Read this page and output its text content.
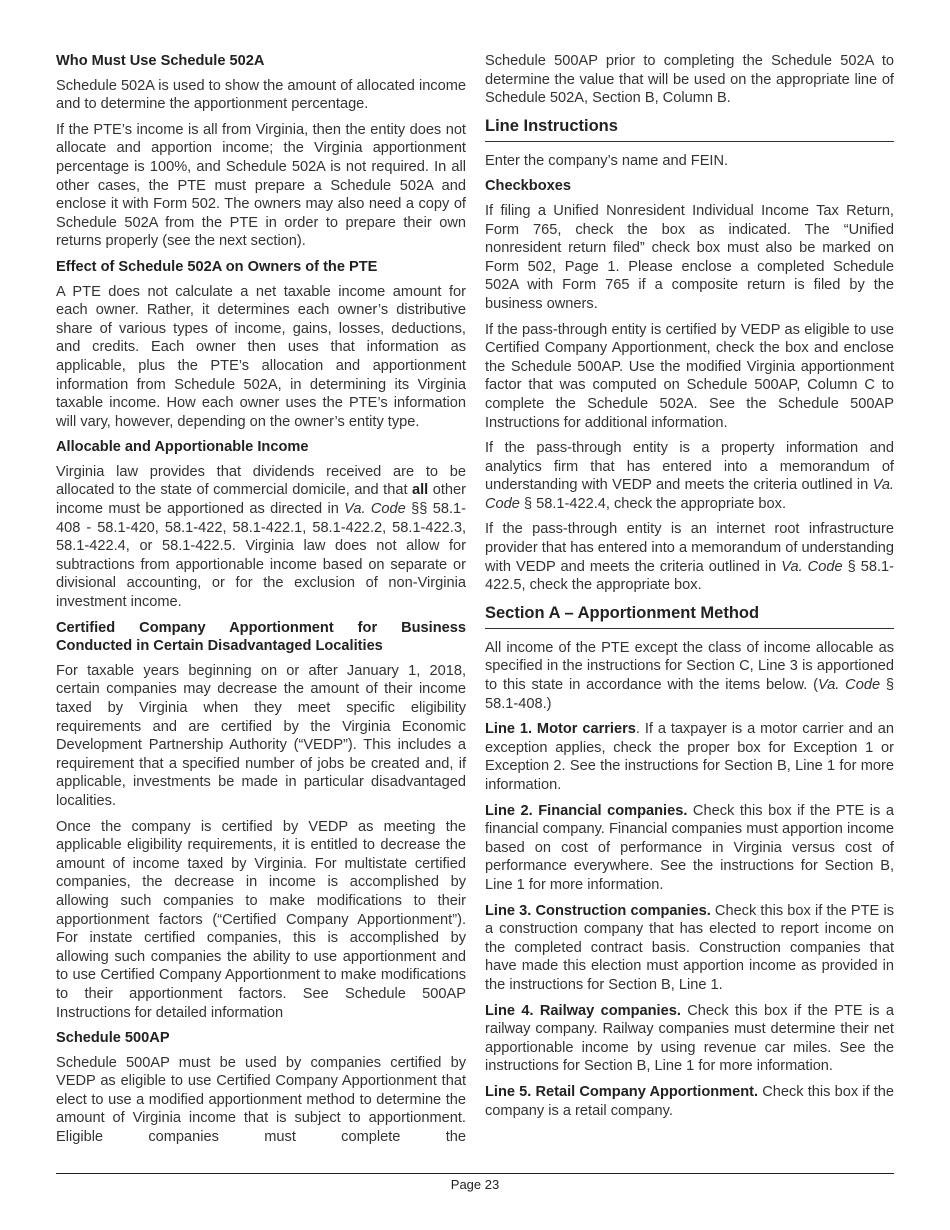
Who Must Use Schedule 502A

Schedule 502A is used to show the amount of allocated income and to determine the apportionment percentage.

If the PTE’s income is all from Virginia, then the entity does not allocate and apportion income; the Virginia apportionment percentage is 100%, and Schedule 502A is not required. In all other cases, the PTE must prepare a Schedule 502A and enclose it with Form 502. The owners may also need a copy of Schedule 502A from the PTE in order to prepare their own returns properly (see the next section).

Effect of Schedule 502A on Owners of the PTE

A PTE does not calculate a net taxable income amount for each owner. Rather, it determines each owner’s distributive share of various types of income, gains, losses, deductions, and credits. Each owner then uses that information as applicable, plus the PTE’s allocation and apportionment information from Schedule 502A, in determining its Virginia taxable income. How each owner uses the PTE’s information will vary, however, depending on the owner’s entity type.

Allocable and Apportionable Income

Virginia law provides that dividends received are to be allocated to the state of commercial domicile, and that all other income must be apportioned as directed in Va. Code §§ 58.1-408 - 58.1-420, 58.1-422, 58.1-422.1, 58.1-422.2, 58.1-422.3, 58.1-422.4, or 58.1-422.5. Virginia law does not allow for subtractions from apportionable income based on separate or divisional accounting, or for the exclusion of non-Virginia investment income.

Certified Company Apportionment for Business Conducted in Certain Disadvantaged Localities

For taxable years beginning on or after January 1, 2018, certain companies may decrease the amount of their income taxed by Virginia when they meet specific eligibility requirements and are certified by the Virginia Economic Development Partnership Authority (“VEDP”). This includes a requirement that a specified number of jobs be created and, if applicable, investments be made in particular disadvantaged localities.

Once the company is certified by VEDP as meeting the applicable eligibility requirements, it is entitled to decrease the amount of income taxed by Virginia. For multistate certified companies, the decrease in income is accomplished by allowing such companies to make modifications to their apportionment factors (“Certified Company Apportionment”). For instate certified companies, this is accomplished by allowing such companies the ability to use apportionment and to use Certified Company Apportionment to make modifications to their apportionment factors. See Schedule 500AP Instructions for detailed information

Schedule 500AP

Schedule 500AP must be used by companies certified by VEDP as eligible to use Certified Company Apportionment that elect to use a modified apportionment method to determine the amount of Virginia income that is subject to apportionment. Eligible companies must complete the

Schedule 500AP prior to completing the Schedule 502A to determine the value that will be used on the appropriate line of Schedule 502A, Section B, Column B.

Line Instructions

Enter the company’s name and FEIN.

Checkboxes

If filing a Unified Nonresident Individual Income Tax Return, Form 765, check the box as indicated. The “Unified nonresident return filed” check box must also be marked on Form 502, Page 1. Please enclose a completed Schedule 502A with Form 765 if a composite return is filed by the business owners.

If the pass-through entity is certified by VEDP as eligible to use Certified Company Apportionment, check the box and enclose the Schedule 500AP. Use the modified Virginia apportionment factor that was computed on Schedule 500AP, Column C to complete the Schedule 502A. See the Schedule 500AP Instructions for additional information.

If the pass-through entity is a property information and analytics firm that has entered into a memorandum of understanding with VEDP and meets the criteria outlined in Va. Code § 58.1-422.4, check the appropriate box.

If the pass-through entity is an internet root infrastructure provider that has entered into a memorandum of understanding with VEDP and meets the criteria outlined in Va. Code § 58.1-422.5, check the appropriate box.

Section A – Apportionment Method

All income of the PTE except the class of income allocable as specified in the instructions for Section C, Line 3 is apportioned to this state in accordance with the items below. (Va. Code § 58.1-408.)

Line 1. Motor carriers. If a taxpayer is a motor carrier and an exception applies, check the proper box for Exception 1 or Exception 2. See the instructions for Section B, Line 1 for more information.

Line 2. Financial companies. Check this box if the PTE is a financial company. Financial companies must apportion income based on cost of performance in Virginia versus cost of performance everywhere. See the instructions for Section B, Line 1 for more information.

Line 3. Construction companies. Check this box if the PTE is a construction company that has elected to report income on the completed contract basis. Construction companies that have made this election must apportion income as provided in the instructions for Section B, Line 1.

Line 4. Railway companies. Check this box if the PTE is a railway company. Railway companies must determine their net apportionable income by using revenue car miles. See the instructions for Section B, Line 1 for more information.

Line 5. Retail Company Apportionment. Check this box if the company is a retail company.

Page 23
